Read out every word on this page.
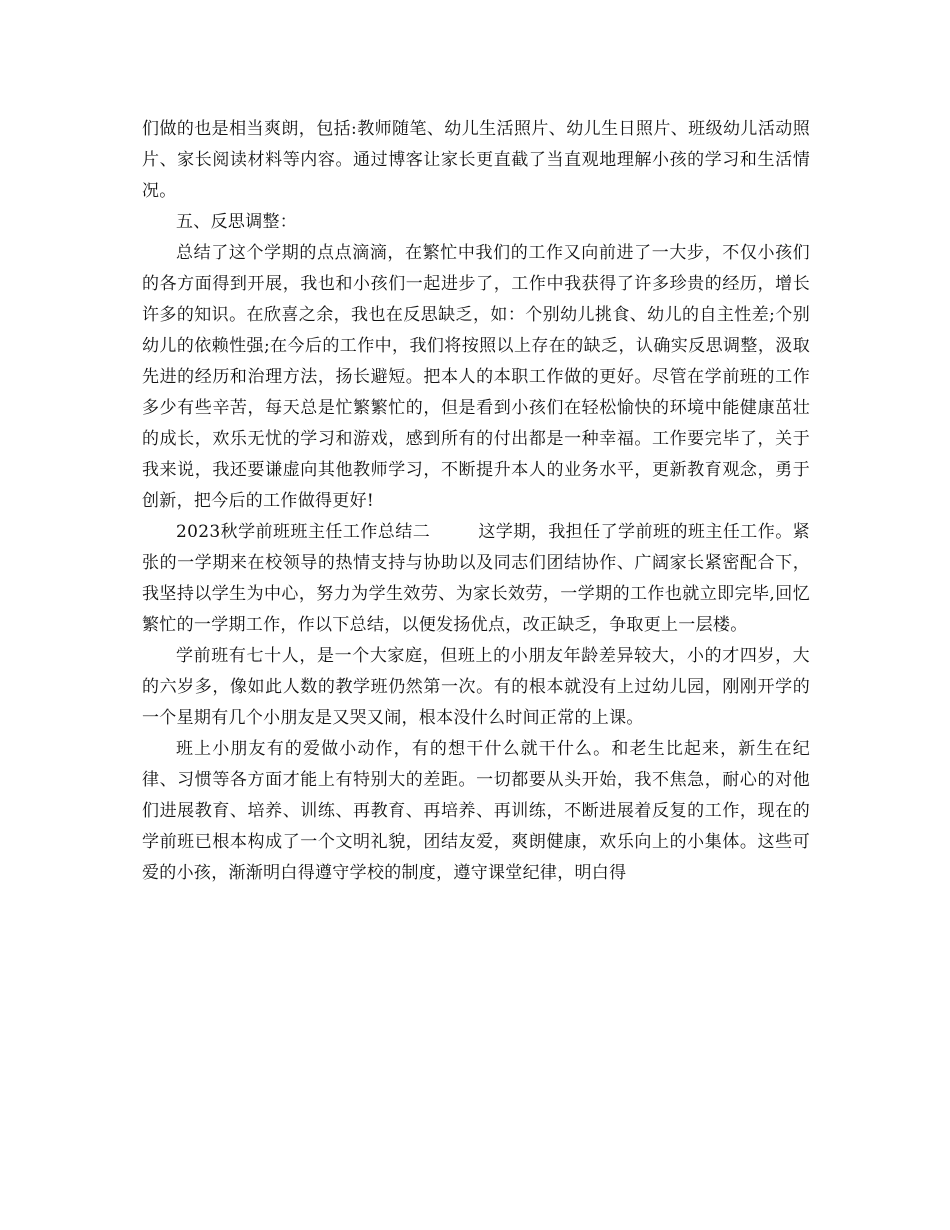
们做的也是相当爽朗，包括:教师随笔、幼儿生活照片、幼儿生日照片、班级幼儿活动照片、家长阅读材料等内容。通过博客让家长更直截了当直观地理解小孩的学习和生活情况。

五、反思调整：

总结了这个学期的点点滴滴，在繁忙中我们的工作又向前进了一大步，不仅小孩们的各方面得到开展，我也和小孩们一起进步了，工作中我获得了许多珍贵的经历，增长许多的知识。在欣喜之余，我也在反思缺乏，如：个别幼儿挑食、幼儿的自主性差;个别幼儿的依赖性强;在今后的工作中，我们将按照以上存在的缺乏，认确实反思调整，汲取先进的经历和治理方法，扬长避短。把本人的本职工作做的更好。尽管在学前班的工作多少有些辛苦，每天总是忙繁繁忙的，但是看到小孩们在轻松愉快的环境中能健康茁壮的成长，欢乐无忧的学习和游戏，感到所有的付出都是一种幸福。工作要完毕了，关于我来说，我还要谦虚向其他教师学习，不断提升本人的业务水平，更新教育观念，勇于创新，把今后的工作做得更好!

2023秋学前班班主任工作总结二	这学期，我担任了学前班的班主任工作。紧张的一学期来在校领导的热情支持与协助以及同志们团结协作、广阔家长紧密配合下，我坚持以学生为中心，努力为学生效劳、为家长效劳，一学期的工作也就立即完毕,回忆繁忙的一学期工作，作以下总结，以便发扬优点，改正缺乏，争取更上一层楼。

学前班有七十人，是一个大家庭，但班上的小朋友年龄差异较大，小的才四岁，大的六岁多，像如此人数的教学班仍然第一次。有的根本就没有上过幼儿园，刚刚开学的一个星期有几个小朋友是又哭又闹，根本没什么时间正常的上课。

班上小朋友有的爱做小动作，有的想干什么就干什么。和老生比起来，新生在纪律、习惯等各方面才能上有特别大的差距。一切都要从头开始，我不焦急，耐心的对他们进展教育、培养、训练、再教育、再培养、再训练，不断进展着反复的工作，现在的学前班已根本构成了一个文明礼貌，团结友爱，爽朗健康，欢乐向上的小集体。这些可爱的小孩，渐渐明白得遵守学校的制度，遵守课堂纪律，明白得
